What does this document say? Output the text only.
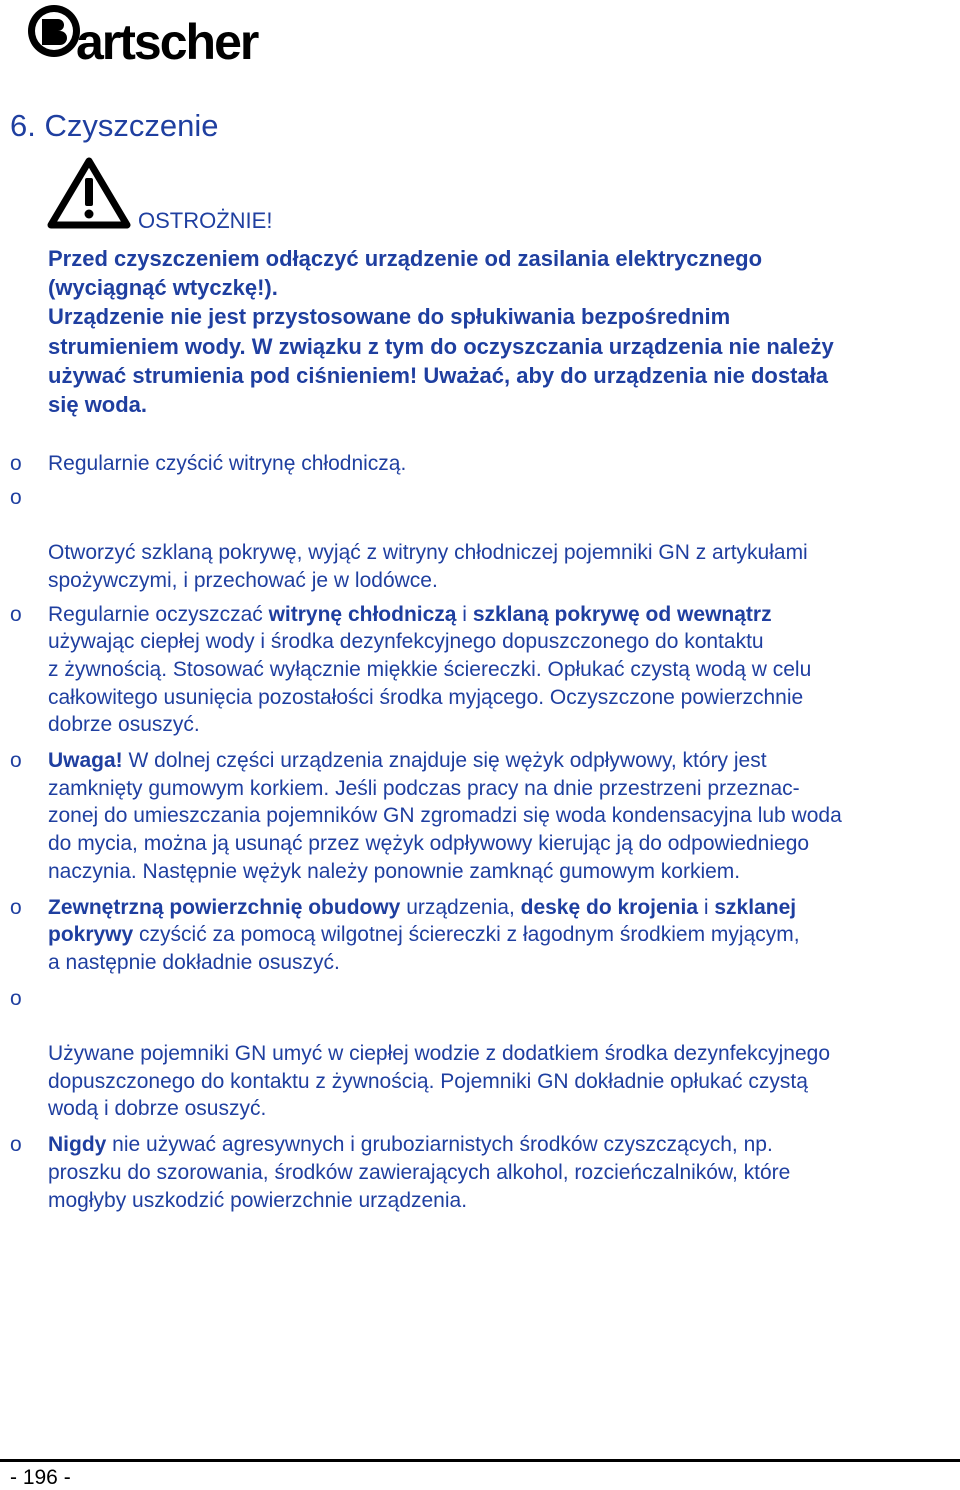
artscher
6. Czyszczenie
OSTROŻNIE!

Przed czyszczeniem odłączyć urządzenie od zasilania elektrycznego
(wyciągnąć wtyczkę!).

Urządzenie nie jest przystosowane do spłukiwania bezpośrednim
strumieniem wody. W związku z tym do oczyszczania urządzenia nie należy
używać strumienia pod ciśnieniem! Uważać, aby do urządzenia nie dostała
się woda.

o Regularnie czyścić witrynę chłodniczą.

o

Otworzyć szklaną pokrywę, wyjąć z witryny chłodniczej pojemniki GN z artykułami
spożywczymi, i przechować je w lodówce.

o Regularnie oczyszczać witrynę chłodniczą i szklaną pokrywę od wewnątrz
używając ciepłej wody i środka dezynfekcyjnego dopuszczonego do kontaktu
z żywnością. Stosować wyłącznie miękkie ściereczki. Opłukać czystą wodą w celu
całkowitego usunięcia pozostałości środka myjącego. Oczyszczone powierzchnie
dobrze osuszyć.
o Uwaga! W dolnej części urządzenia znajduje się wężyk odpływowy, który jest
zamknięty gumowym korkiem. Jeśli podczas pracy na dnie przestrzeni przeznac-
zonej do umieszczania pojemników GN zgromadzi się woda kondensacyjna lub woda
do mycia, można ją usunąć przez wężyk odpływowy kierując ją do odpowiedniego
naczynia. Następnie wężyk należy ponownie zamknąć gumowym korkiem.
o Zewnętrzną powierzchnię obudowy urządzenia, deskę do krojenia i szklanej
pokrywy czyścić za pomocą wilgotnej ściereczki z łagodnym środkiem myjącym,
a następnie dokładnie osuszyć.

o

Używane pojemniki GN umyć w ciepłej wodzie z dodatkiem środka dezynfekcyjnego
dopuszczonego do kontaktu z żywnością. Pojemniki GN dokładnie opłukać czystą
wodą i dobrze osuszyć.

o Nigdy nie używać agresywnych i gruboziarnistych środków czyszczących, np.
proszku do szorowania, środków zawierających alkohol, rozcieńczalników, które
mogłyby uszkodzić powierzchnie urządzenia.
- 196 -
